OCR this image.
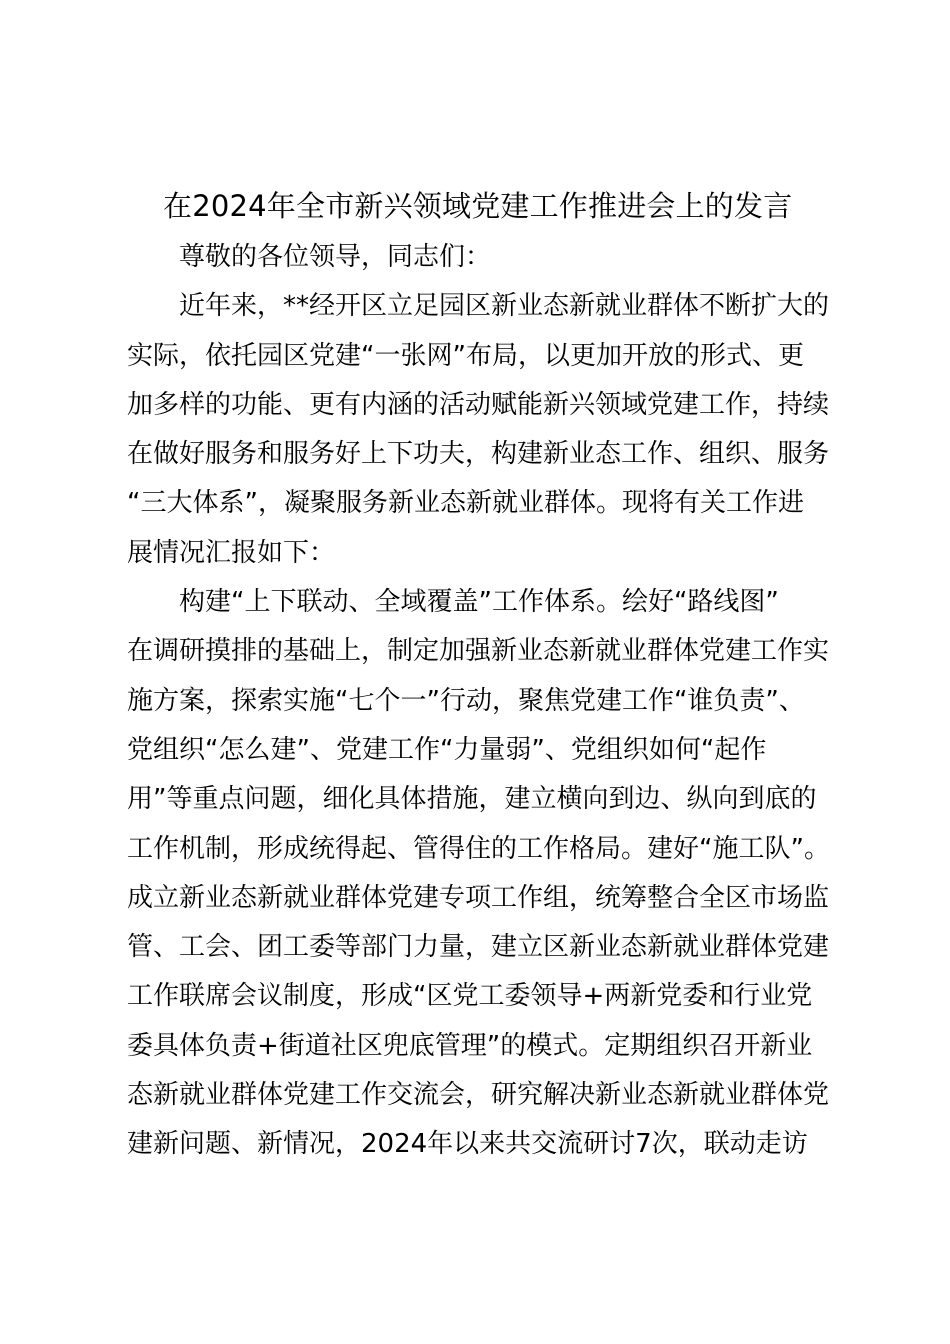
在2024年全市新兴领域党建工作推进会上的发言
尊敬的各位领导，同志们：
近年来，**经开区立足园区新业态新就业群体不断扩大的
实际，依托园区党建“一张网”布局，以更加开放的形式、更
加多样的功能、更有内涵的活动赋能新兴领域党建工作，持续
在做好服务和服务好上下功夫，构建新业态工作、组织、服务
“三大体系”，凝聚服务新业态新就业群体。现将有关工作进
展情况汇报如下：
构建“上下联动、全域覆盖”工作体系。绘好“路线图”
在调研摸排的基础上，制定加强新业态新就业群体党建工作实
施方案，探索实施“七个一”行动，聚焦党建工作“谁负责”、
党组织“怎么建”、党建工作“力量弱”、党组织如何“起作
用”等重点问题，细化具体措施，建立横向到边、纵向到底的
工作机制，形成统得起、管得住的工作格局。建好“施工队”。
成立新业态新就业群体党建专项工作组，统筹整合全区市场监
管、工会、团工委等部门力量，建立区新业态新就业群体党建
工作联席会议制度，形成“区党工委领导+两新党委和行业党
委具体负责+街道社区兜底管理”的模式。定期组织召开新业
态新就业群体党建工作交流会，研究解决新业态新就业群体党
建新问题、新情况，2024年以来共交流研讨7次，联动走访
